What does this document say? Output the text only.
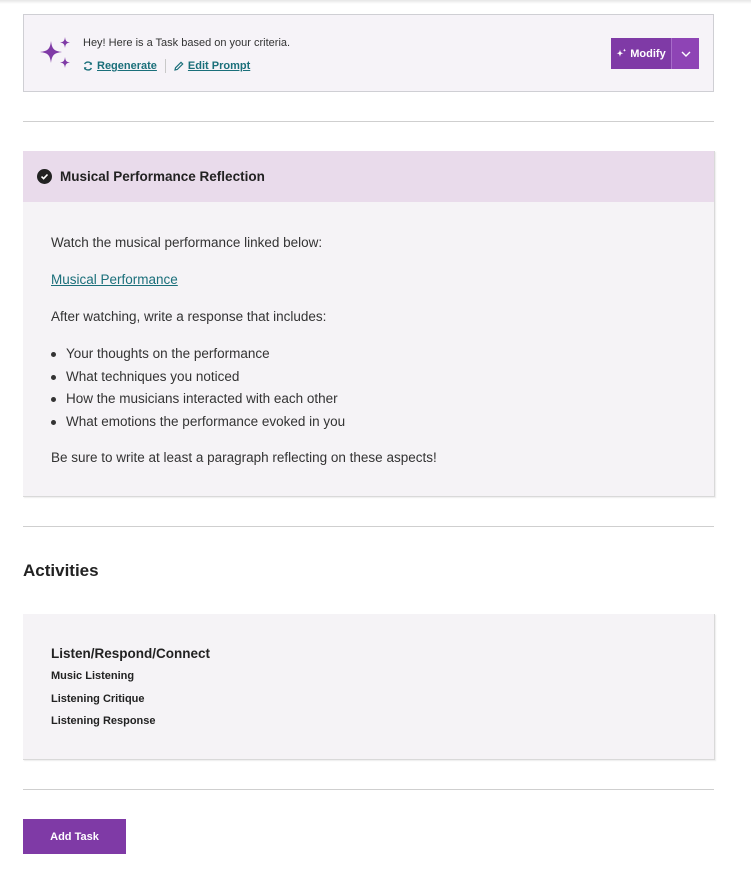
Hey! Here is a Task based on your criteria.
Regenerate	Edit Prompt
Modify
Musical Performance Reflection
Watch the musical performance linked below:
Musical Performance
After watching, write a response that includes:
Your thoughts on the performance
What techniques you noticed
How the musicians interacted with each other
What emotions the performance evoked in you
Be sure to write at least a paragraph reflecting on these aspects!
Activities
Listen/Respond/Connect
Music Listening
Listening Critique
Listening Response
Add Task
